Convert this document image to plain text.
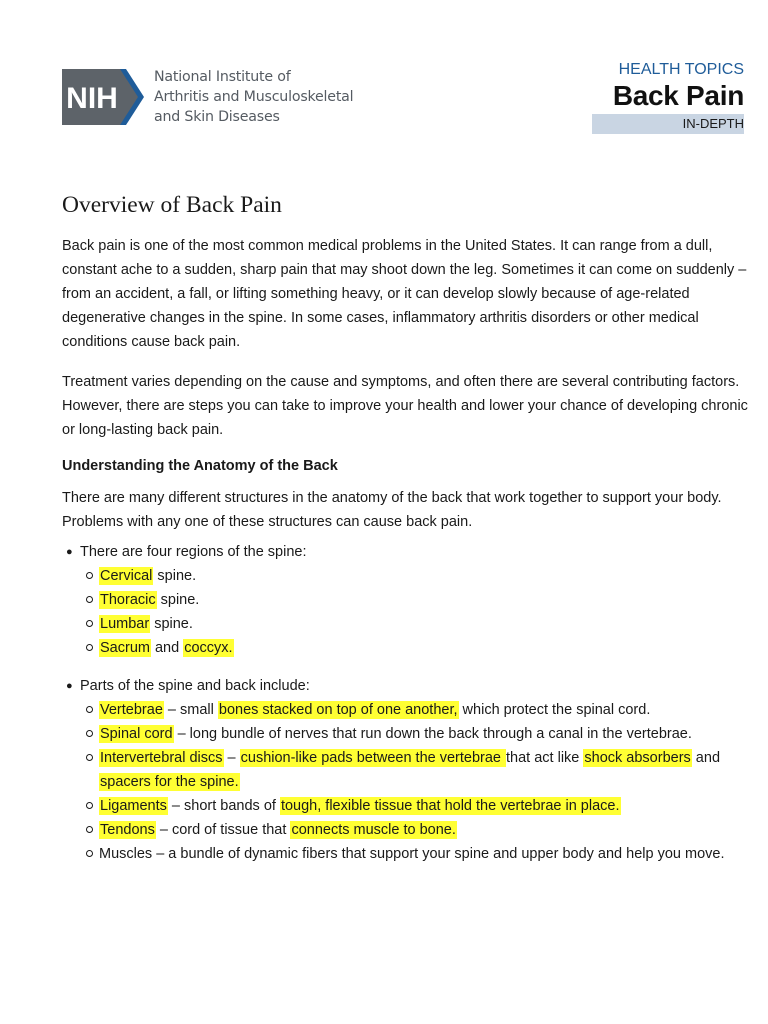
NIH
National Institute of
Arthritis and Musculoskeletal
and Skin Diseases
HEALTH TOPICS
Back Pain
IN-DEPTH
Overview of Back Pain

Back pain is one of the most common medical problems in the United States. It can range from a dull, constant ache to a sudden, sharp pain that may shoot down the leg. Sometimes it can come on suddenly – from an accident, a fall, or lifting something heavy, or it can develop slowly because of age-related degenerative changes in the spine. In some cases, inflammatory arthritis disorders or other medical conditions cause back pain.

Treatment varies depending on the cause and symptoms, and often there are several contributing factors. However, there are steps you can take to improve your health and lower your chance of developing chronic or long-lasting back pain.

Understanding the Anatomy of the Back

There are many different structures in the anatomy of the back that work together to support your body. Problems with any one of these structures can cause back pain.

● There are four regions of the spine:
Cervical spine.
Thoracic spine.
Lumbar spine.
Sacrum and coccyx.
● Parts of the spine and back include:
Vertebrae – small bones stacked on top of one another, which protect the spinal cord.
Spinal cord – long bundle of nerves that run down the back through a canal in the vertebrae.
Intervertebral discs – cushion-like pads between the vertebrae that act like shock absorbers and spacers for the spine.
Ligaments – short bands of tough, flexible tissue that hold the vertebrae in place.
Tendons – cord of tissue that connects muscle to bone.
Muscles – a bundle of dynamic fibers that support your spine and upper body and help you move.
